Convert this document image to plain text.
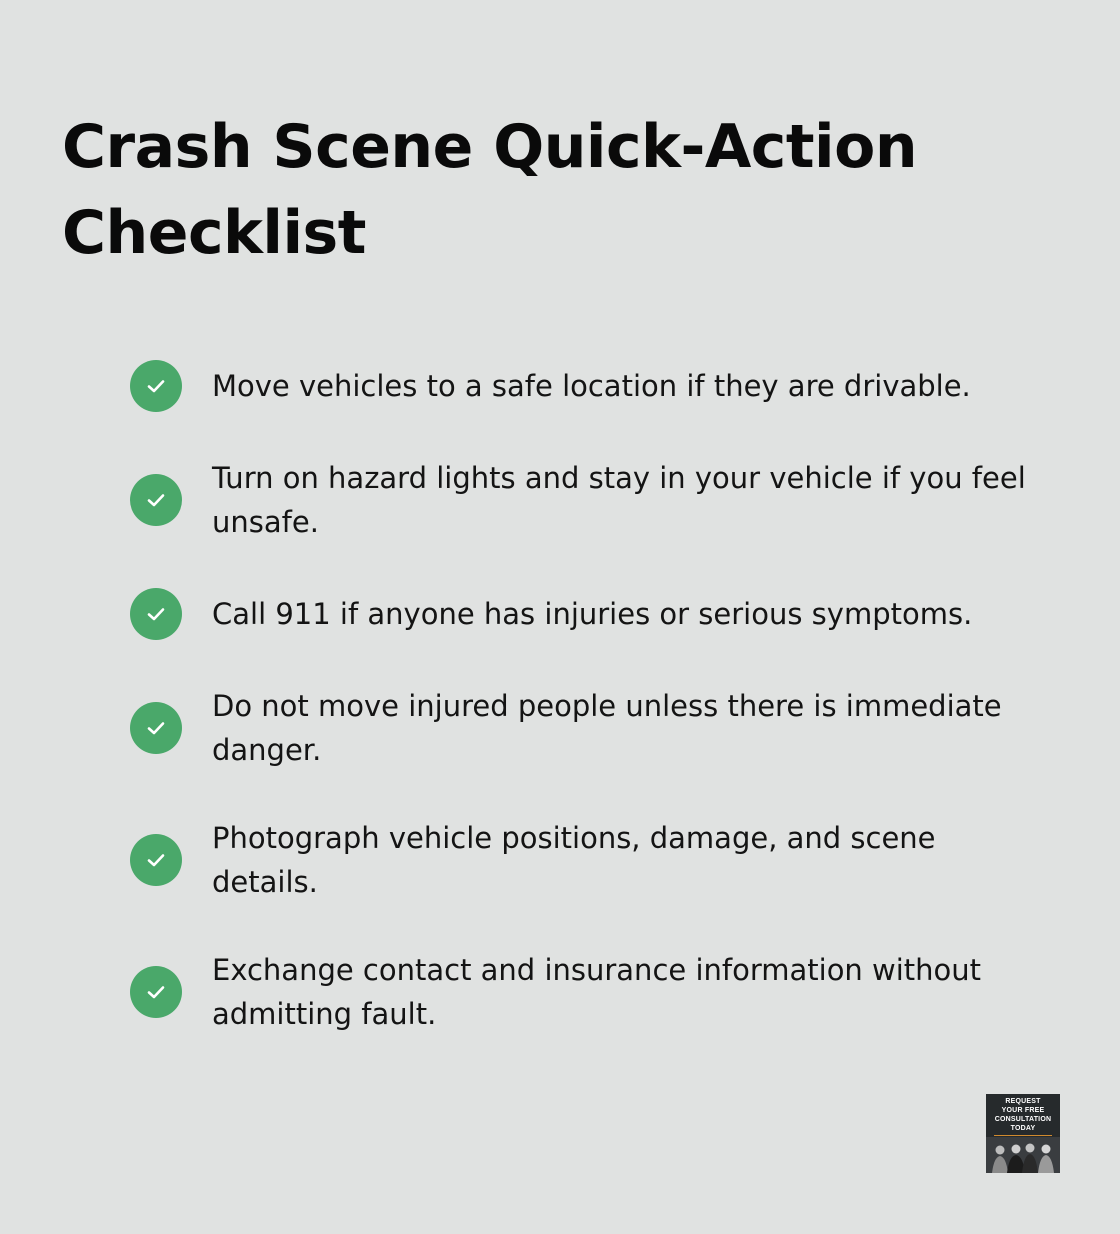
Crash Scene Quick-Action Checklist
Move vehicles to a safe location if they are drivable.
Turn on hazard lights and stay in your vehicle if you feel unsafe.
Call 911 if anyone has injuries or serious symptoms.
Do not move injured people unless there is immediate danger.
Photograph vehicle positions, damage, and scene details.
Exchange contact and insurance information without admitting fault.
REQUEST
YOUR FREE
CONSULTATION
TODAY
